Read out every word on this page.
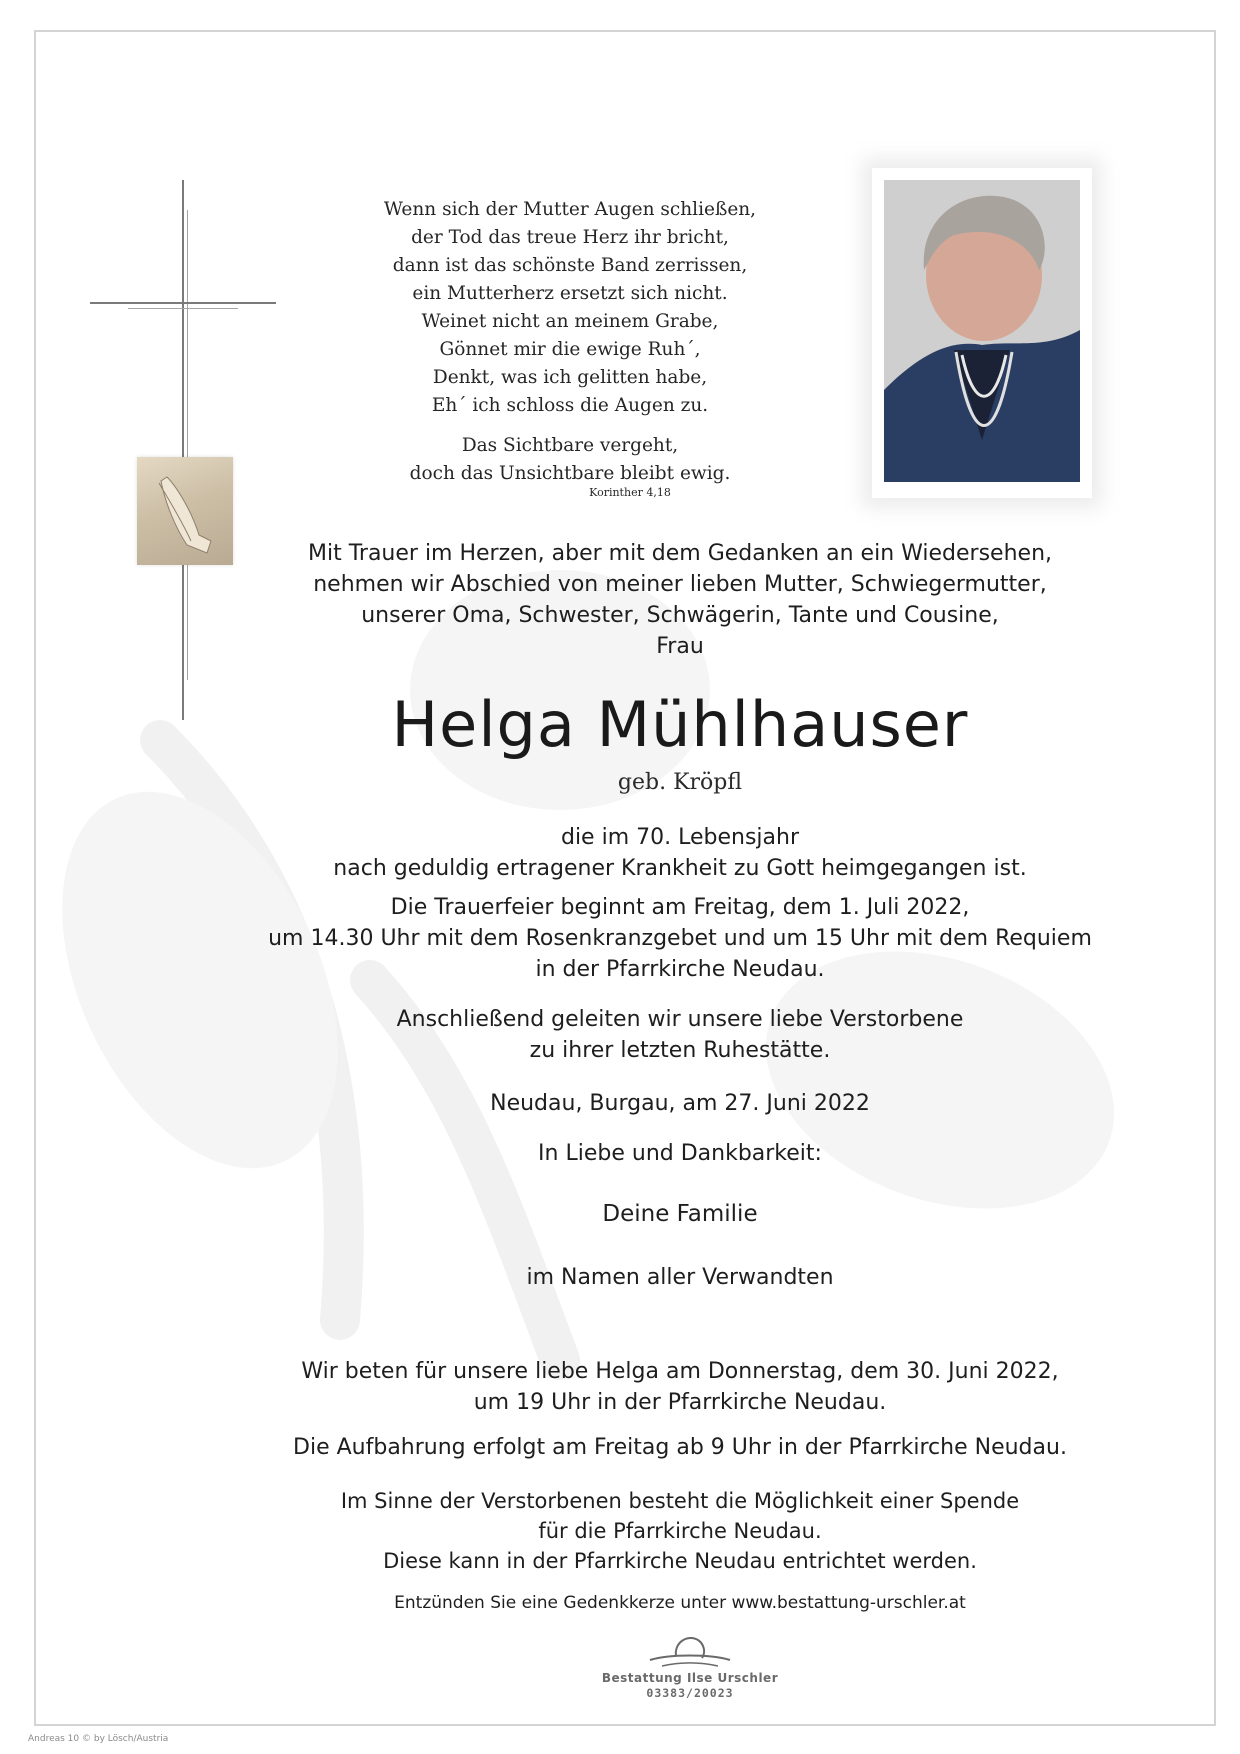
Wenn sich der Mutter Augen schließen,
der Tod das treue Herz ihr bricht,
dann ist das schönste Band zerrissen,
ein Mutterherz ersetzt sich nicht.
Weinet nicht an meinem Grabe,
Gönnet mir die ewige Ruh´,
Denkt, was ich gelitten habe,
Eh´ ich schloss die Augen zu.
Das Sichtbare vergeht,
doch das Unsichtbare bleibt ewig.
Korinther 4,18
Mit Trauer im Herzen, aber mit dem Gedanken an ein Wiedersehen,
nehmen wir Abschied von meiner lieben Mutter, Schwiegermutter,
unserer Oma, Schwester, Schwägerin, Tante und Cousine,
Frau
Helga Mühlhauser
geb. Kröpfl
die im 70. Lebensjahr
nach geduldig ertragener Krankheit zu Gott heimgegangen ist.
Die Trauerfeier beginnt am Freitag, dem 1. Juli 2022,
um 14.30 Uhr mit dem Rosenkranzgebet und um 15 Uhr mit dem Requiem
in der Pfarrkirche Neudau.
Anschließend geleiten wir unsere liebe Verstorbene
zu ihrer letzten Ruhestätte.
Neudau, Burgau, am 27. Juni 2022
In Liebe und Dankbarkeit:
Deine Familie
im Namen aller Verwandten
Wir beten für unsere liebe Helga am Donnerstag, dem 30. Juni 2022,
um 19 Uhr in der Pfarrkirche Neudau.
Die Aufbahrung erfolgt am Freitag ab 9 Uhr in der Pfarrkirche Neudau.
Im Sinne der Verstorbenen besteht die Möglichkeit einer Spende
für die Pfarrkirche Neudau.
Diese kann in der Pfarrkirche Neudau entrichtet werden.
Entzünden Sie eine Gedenkkerze unter www.bestattung-urschler.at
Bestattung Ilse Urschler
03383/20023
Andreas 10 © by Lösch/Austria
